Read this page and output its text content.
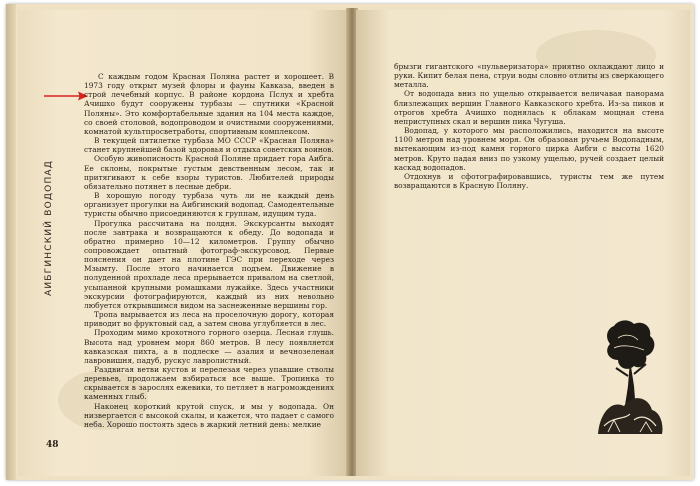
АИБГИНСКИЙ ВОДОПАД

С каждым годом Красная Поляна растет и хорошеет. В 1973 году открыт музей флоры и фауны Кавказа, введен в строй лечебный корпус. В районе кордона Пслух и хребта Ачишхо будут сооружены турбазы — спутники «Красной Поляны». Это комфортабельные здания на 104 места каждое, со своей столовой, водопроводом и очистными сооружениями, комнатой культпросветработы, спортивным комплексом.

В текущей пятилетке турбаза МО СССР «Красная Поляна» станет крупнейшей базой здоровья и отдыха советских воинов.

Особую живописность Красной Поляне придает гора Аибга. Ее склоны, покрытые густым девственным лесом, так и притягивают к себе взоры туристов. Любителей природы обязательно потянет в лесные дебри.

В хорошую погоду турбаза чуть ли не каждый день организует прогулки на Аибгинский водопад. Самодеятельные туристы обычно присоединяются к группам, идущим туда.

Прогулка рассчитана на полдня. Экскурсанты выходят после завтрака и возвращаются к обеду. До водопада и обратно примерно 10—12 километров. Группу обычно сопровождает опытный фотограф-экскурсовод. Первые пояснения он дает на плотине ГЭС при переходе через Мзымту. После этого начинается подъем. Движение в полуденной прохладе леса прерывается привалом на светлой, усыпанной крупными ромашками лужайке. Здесь участники экскурсии фотографируются, каждый из них невольно любуется открывшимся видом на заснеженные вершины гор.

Тропа вырывается из леса на проселочную дорогу, которая приводит во фруктовый сад, а затем снова углубляется в лес.

Проходим мимо крохотного горного озерца. Лесная глушь. Высота над уровнем моря 860 метров. В лесу появляется кавказская пихта, а в подлеске — азалия и вечнозеленая лавровишня, падуб, рускус лавролистный.

Раздвигая ветви кустов и перелезая через упавшие стволы деревьев, продолжаем взбираться все выше. Тропинка то скрывается в зарослях ежевики, то петляет в нагромождениях каменных глыб.

Наконец короткий крутой спуск, и мы у водопада. Он низвергается с высокой скалы, и кажется, что падает с самого неба. Хорошо постоять здесь в жаркий летний день: мелкие

48

брызги гигантского «пульверизатора» приятно охлаждают лицо и руки. Кипит белая пена, струи воды словно отлиты из сверкающего металла.

От водопада вниз по ущелью открывается величавая панорама близлежащих вершин Главного Кавказского хребта. Из-за пиков и отрогов хребта Ачишхо поднялась к облакам мощная стена неприступных скал и вершин пика Чугуша.

Водопад, у которого мы расположились, находится на высоте 1100 метров над уровнем моря. Он образован ручьем Водопадным, вытекающим из-под камня горного цирка Аибги с высоты 1620 метров. Круто падая вниз по узкому ущелью, ручей создает целый каскад водопадов.

Отдохнув и сфотографировавшись, туристы тем же путем возвращаются в Красную Поляну.
